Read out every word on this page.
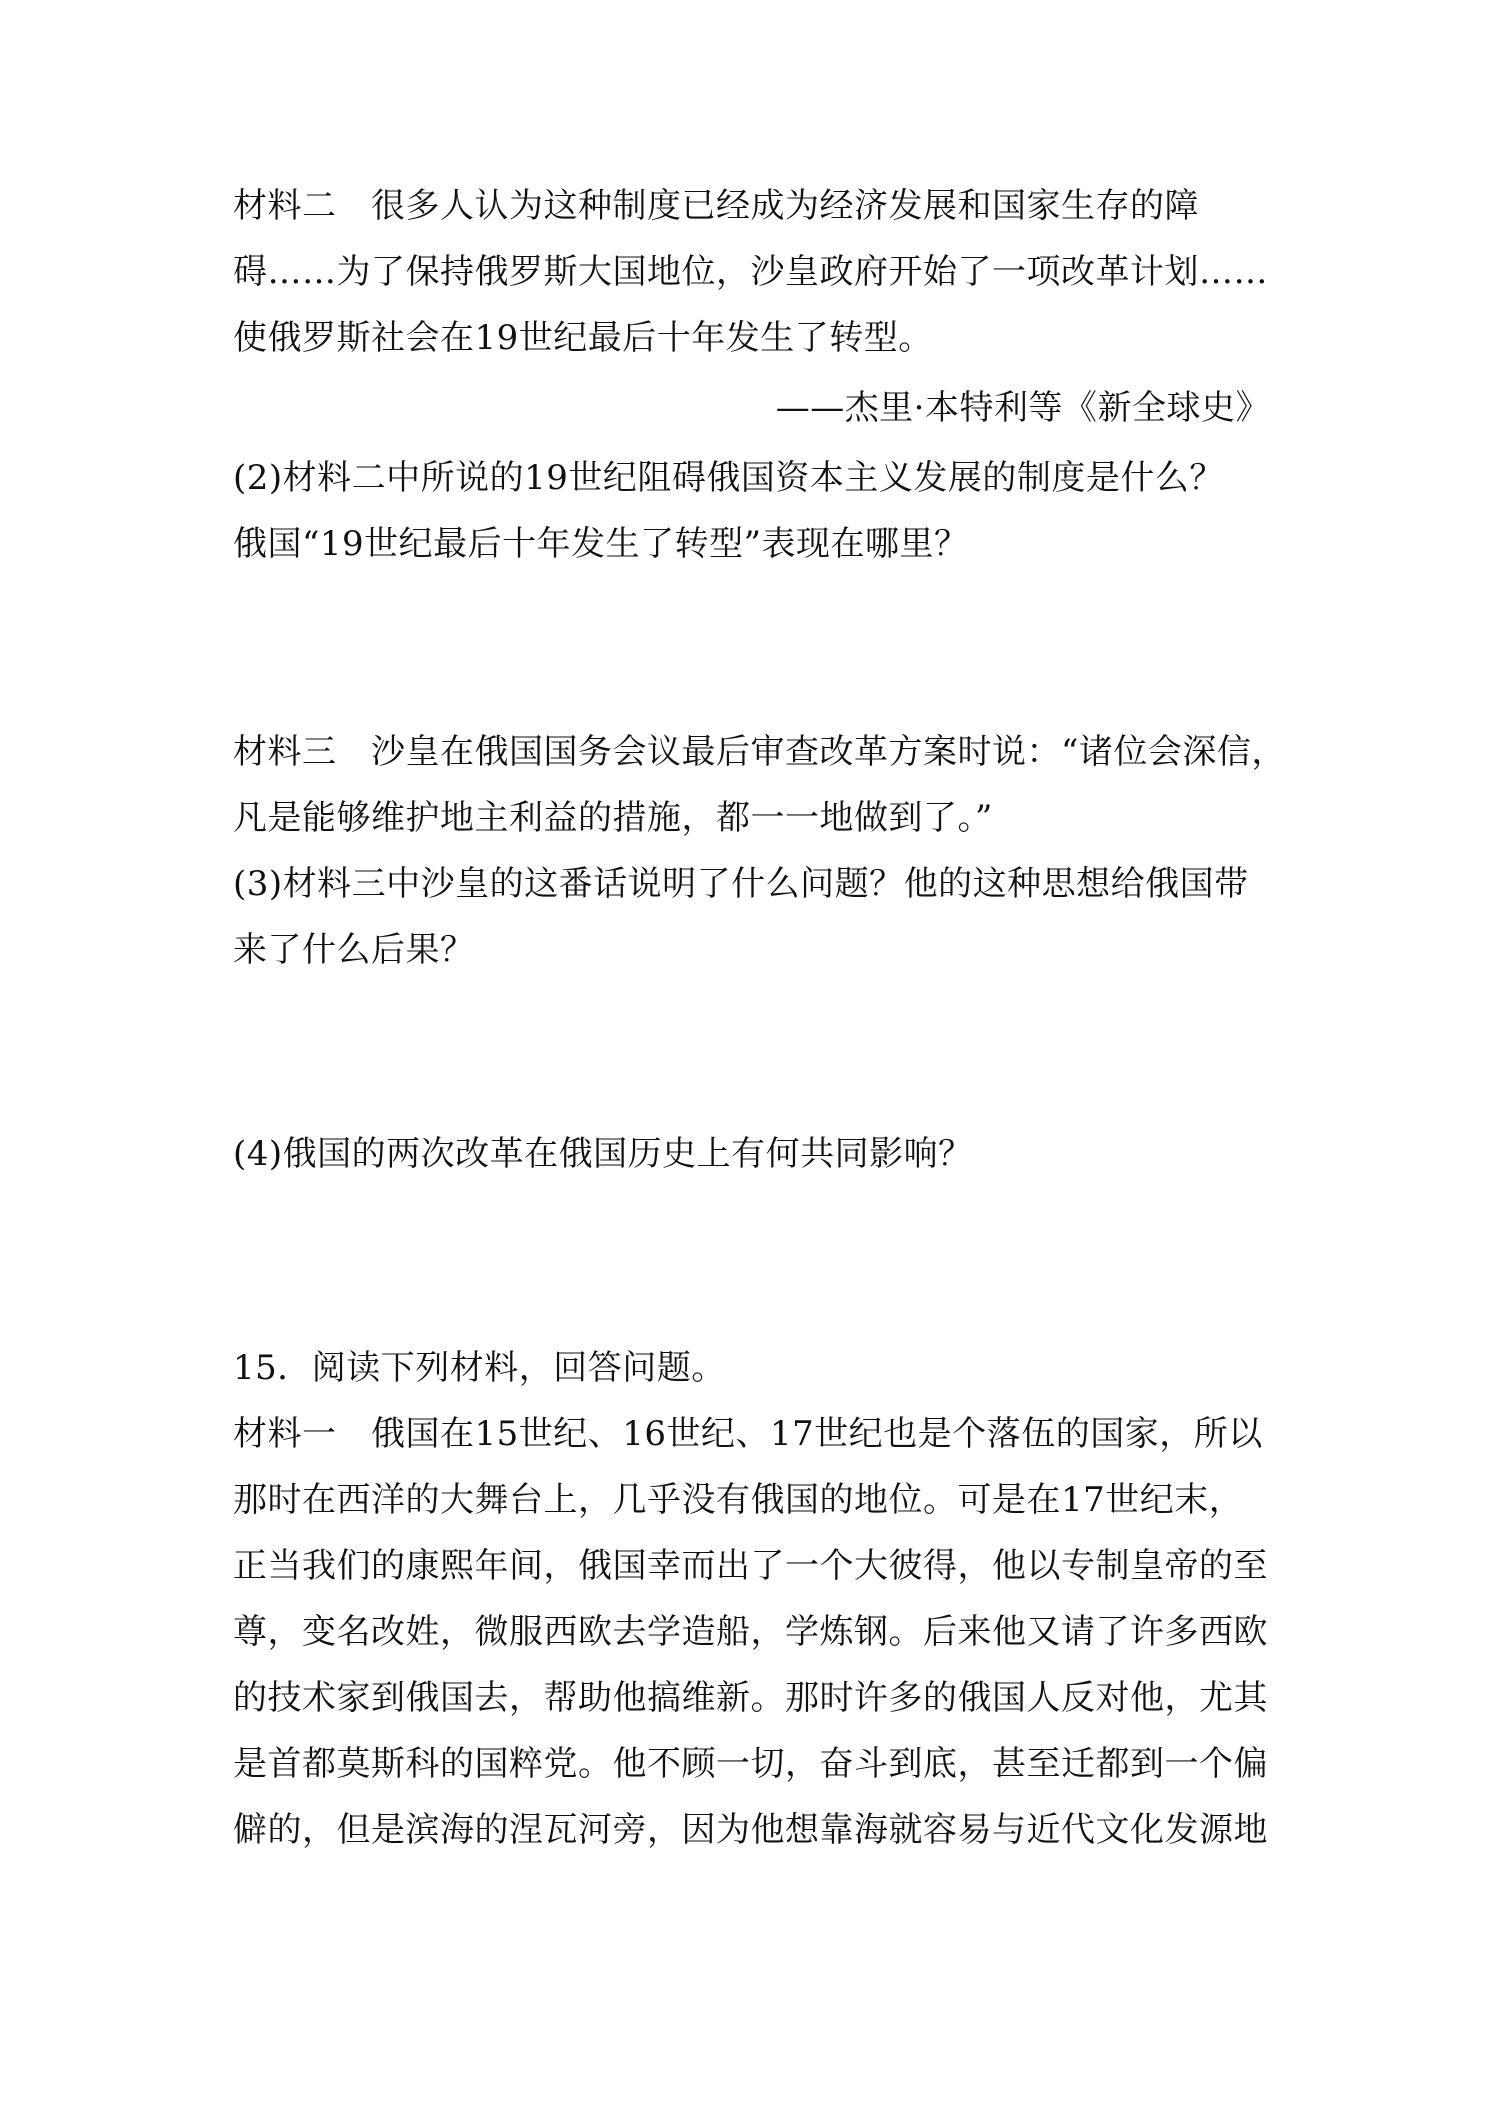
材料二　很多人认为这种制度已经成为经济发展和国家生存的障
碍……为了保持俄罗斯大国地位，沙皇政府开始了一项改革计划……
使俄罗斯社会在19世纪最后十年发生了转型。
——杰里·本特利等《新全球史》
(2)材料二中所说的19世纪阻碍俄国资本主义发展的制度是什么？
俄国“19世纪最后十年发生了转型”表现在哪里？
材料三　沙皇在俄国国务会议最后审查改革方案时说：“诸位会深信，
凡是能够维护地主利益的措施，都一一地做到了。”
(3)材料三中沙皇的这番话说明了什么问题？他的这种思想给俄国带
来了什么后果？
(4)俄国的两次改革在俄国历史上有何共同影响？
15．阅读下列材料，回答问题。
材料一　俄国在15世纪、16世纪、17世纪也是个落伍的国家，所以
那时在西洋的大舞台上，几乎没有俄国的地位。可是在17世纪末，
正当我们的康熙年间，俄国幸而出了一个大彼得，他以专制皇帝的至
尊，变名改姓，微服西欧去学造船，学炼钢。后来他又请了许多西欧
的技术家到俄国去，帮助他搞维新。那时许多的俄国人反对他，尤其
是首都莫斯科的国粹党。他不顾一切，奋斗到底，甚至迁都到一个偏
僻的，但是滨海的涅瓦河旁，因为他想靠海就容易与近代文化发源地
